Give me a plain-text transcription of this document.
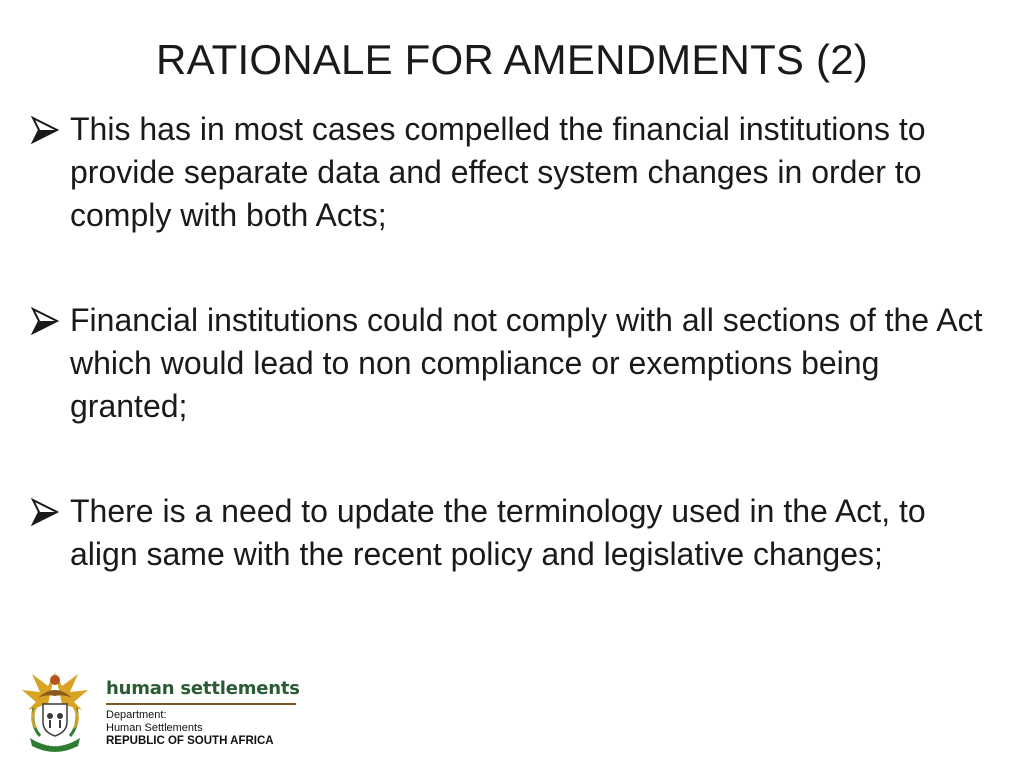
RATIONALE FOR AMENDMENTS (2)
This has in most cases compelled the financial institutions to provide separate data and effect system changes in order to comply with both Acts;
Financial institutions could not comply with all sections of the Act which would lead to non compliance or exemptions being granted;
There is a need to update the terminology used in the Act, to align same with the recent policy and legislative changes;
human settlements
Department:
Human Settlements
REPUBLIC OF SOUTH AFRICA
